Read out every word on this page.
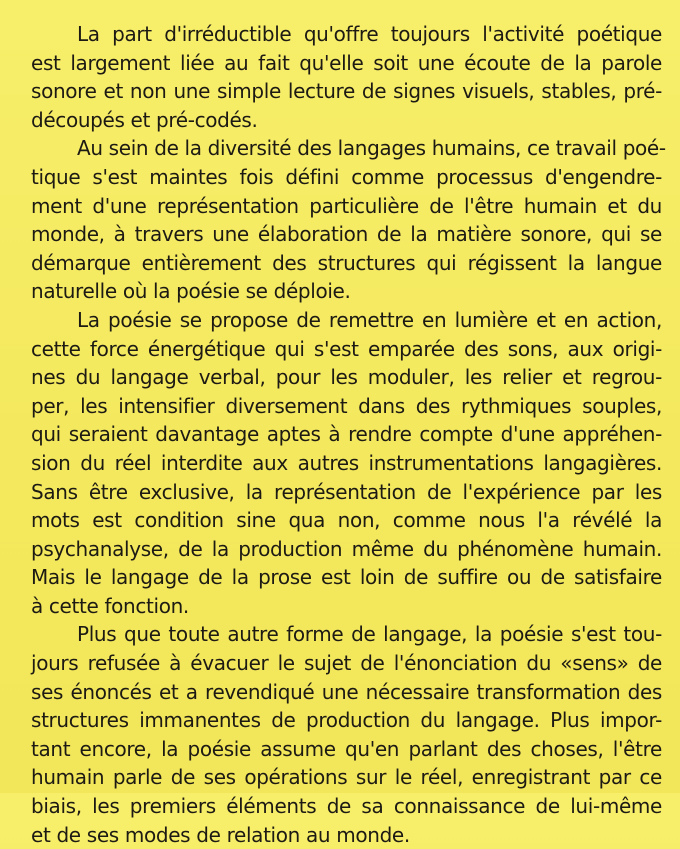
La part d'irréductible qu'offre toujours l'activité poétique
est largement liée au fait qu'elle soit une écoute de la parole
sonore et non une simple lecture de signes visuels, stables, pré-
découpés et pré-codés.
Au sein de la diversité des langages humains, ce travail poé-
tique s'est maintes fois défini comme processus d'engendre-
ment d'une représentation particulière de l'être humain et du
monde, à travers une élaboration de la matière sonore, qui se
démarque entièrement des structures qui régissent la langue
naturelle où la poésie se déploie.
La poésie se propose de remettre en lumière et en action,
cette force énergétique qui s'est emparée des sons, aux origi-
nes du langage verbal, pour les moduler, les relier et regrou-
per, les intensifier diversement dans des rythmiques souples,
qui seraient davantage aptes à rendre compte d'une appréhen-
sion du réel interdite aux autres instrumentations langagières.
Sans être exclusive, la représentation de l'expérience par les
mots est condition sine qua non, comme nous l'a révélé la
psychanalyse, de la production même du phénomène humain.
Mais le langage de la prose est loin de suffire ou de satisfaire
à cette fonction.
Plus que toute autre forme de langage, la poésie s'est tou-
jours refusée à évacuer le sujet de l'énonciation du «sens» de
ses énoncés et a revendiqué une nécessaire transformation des
structures immanentes de production du langage. Plus impor-
tant encore, la poésie assume qu'en parlant des choses, l'être
humain parle de ses opérations sur le réel, enregistrant par ce
biais, les premiers éléments de sa connaissance de lui-même
et de ses modes de relation au monde.
